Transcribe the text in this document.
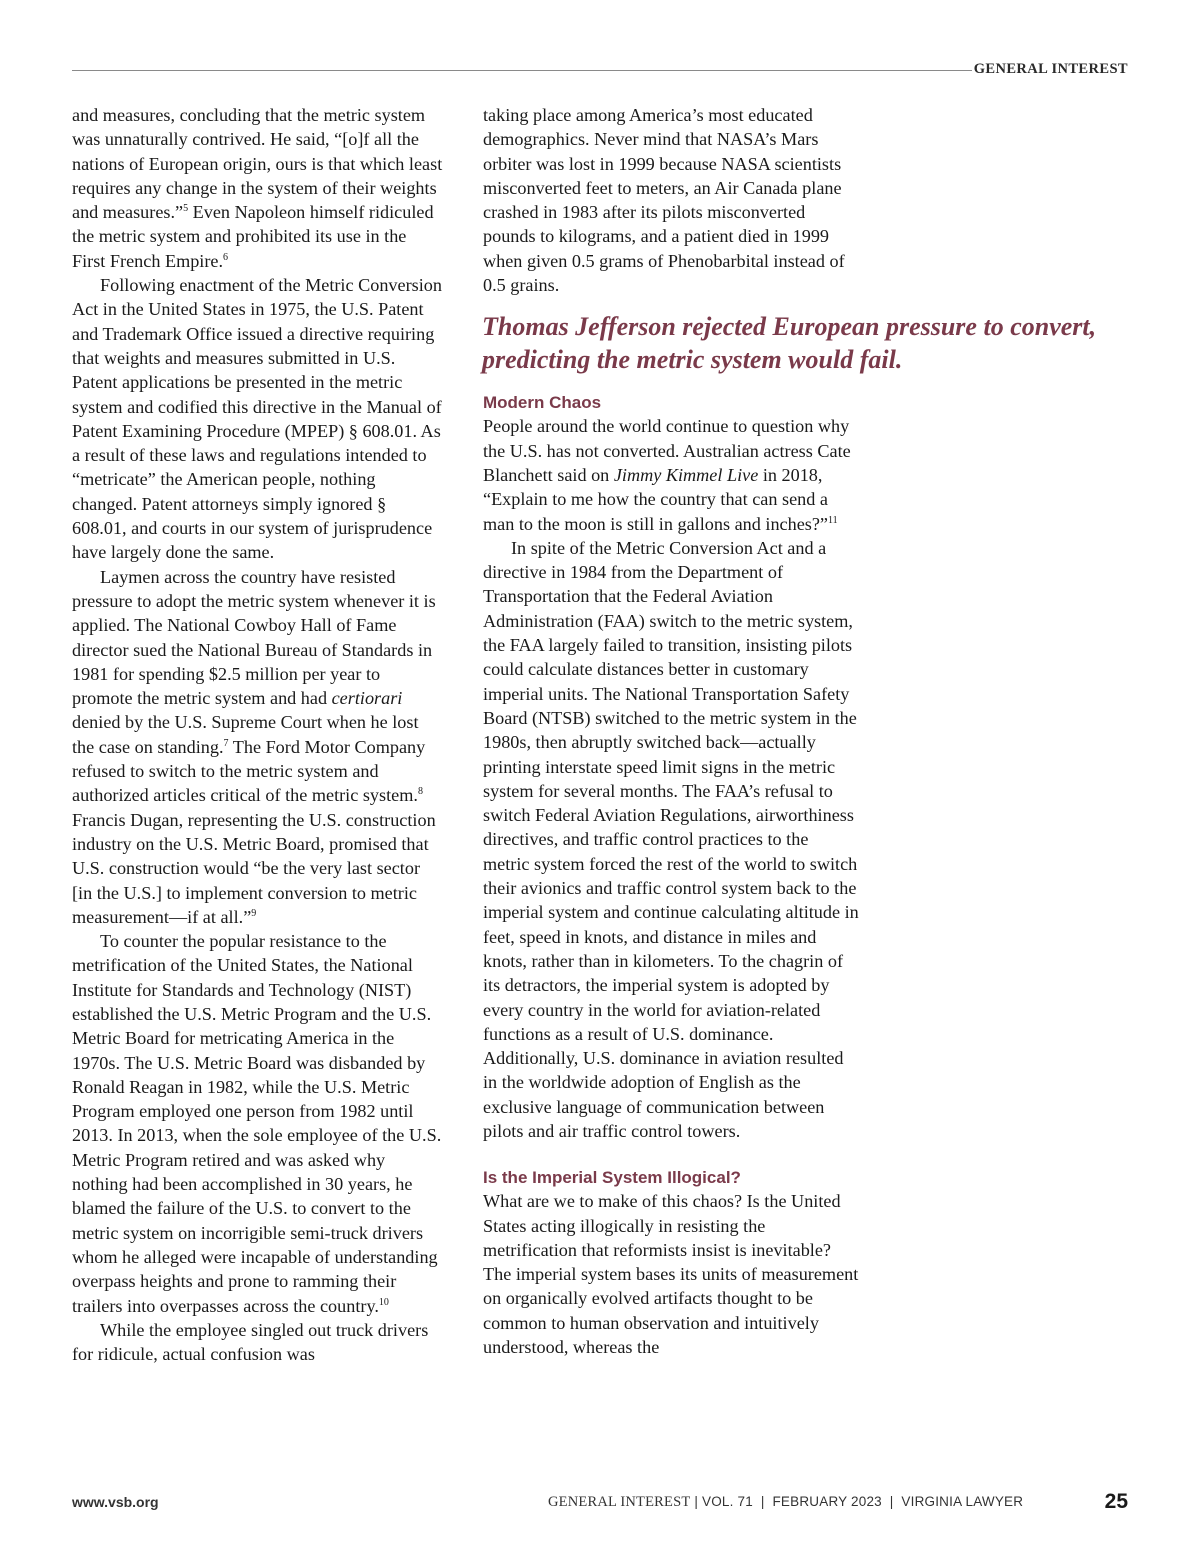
GENERAL INTEREST

and measures, concluding that the metric system was unnaturally contrived. He said, “[o]f all the nations of European origin, ours is that which least requires any change in the system of their weights and measures.”$^5$ Even Napoleon himself ridiculed the metric system and prohibited its use in the First French Empire.$^6$

Following enactment of the Metric Conversion Act in the United States in 1975, the U.S. Patent and Trademark Office issued a directive requiring that weights and measures submitted in U.S. Patent applications be presented in the metric system and codified this directive in the Manual of Patent Examining Procedure (MPEP) § 608.01. As a result of these laws and regulations intended to “metricate” the American people, nothing changed. Patent attorneys simply ignored § 608.01, and courts in our system of jurisprudence have largely done the same.

Laymen across the country have resisted pressure to adopt the metric system whenever it is applied. The National Cowboy Hall of Fame director sued the National Bureau of Standards in 1981 for spending $2.5 million per year to promote the metric system and had certiorari denied by the U.S. Supreme Court when he lost the case on standing.$^7$ The Ford Motor Company refused to switch to the metric system and authorized articles critical of the metric system.$^8$ Francis Dugan, representing the U.S. construction industry on the U.S. Metric Board, promised that U.S. construction would “be the very last sector [in the U.S.] to implement conversion to metric measurement—if at all.”$^9$

To counter the popular resistance to the metrification of the United States, the National Institute for Standards and Technology (NIST) established the U.S. Metric Program and the U.S. Metric Board for metricating America in the 1970s. The U.S. Metric Board was disbanded by Ronald Reagan in 1982, while the U.S. Metric Program employed one person from 1982 until 2013. In 2013, when the sole employee of the U.S. Metric Program retired and was asked why nothing had been accomplished in 30 years, he blamed the failure of the U.S. to convert to the metric system on incorrigible semi-truck drivers whom he alleged were incapable of understanding overpass heights and prone to ramming their trailers into overpasses across the country.$^{10}$

While the employee singled out truck drivers for ridicule, actual confusion was

taking place among America’s most educated demographics. Never mind that NASA’s Mars orbiter was lost in 1999 because NASA scientists misconverted feet to meters, an Air Canada plane crashed in 1983 after its pilots misconverted pounds to kilograms, and a patient died in 1999 when given 0.5 grams of Phenobarbital instead of 0.5 grains.

Modern Chaos

People around the world continue to question why the U.S. has not converted. Australian actress Cate Blanchett said on Jimmy Kimmel Live in 2018, “Explain to me how the country that can send a man to the moon is still in gallons and inches?”$^{11}$

In spite of the Metric Conversion Act and a directive in 1984 from the Department of Transportation that the Federal Aviation Administration (FAA) switch to the metric system, the FAA largely failed to transition, insisting pilots could calculate distances better in customary imperial units. The National Transportation Safety Board (NTSB) switched to the metric system in the 1980s, then abruptly switched back—actually printing interstate speed limit signs in the metric system for several months. The FAA’s refusal to switch Federal Aviation Regulations, airworthiness directives, and traffic control practices to the metric system forced the rest of the world to switch their avionics and traffic control system back to the imperial system and continue calculating altitude in feet, speed in knots, and distance in miles and knots, rather than in kilometers. To the chagrin of its detractors, the imperial system is adopted by every country in the world for aviation-related functions as a result of U.S. dominance. Additionally, U.S. dominance in aviation resulted in the worldwide adoption of English as the exclusive language of communication between pilots and air traffic control towers.

Is the Imperial System Illogical?

What are we to make of this chaos? Is the United States acting illogically in resisting the metrification that reformists insist is inevitable? The imperial system bases its units of measurement on organically evolved artifacts thought to be common to human observation and intuitively understood, whereas the

Thomas Jefferson rejected European pressure to convert, predicting the metric system would fail.
www.vsb.org	GENERAL INTEREST | VOL. 71  |  FEBRUARY 2023  |  VIRGINIA LAWYER	25
